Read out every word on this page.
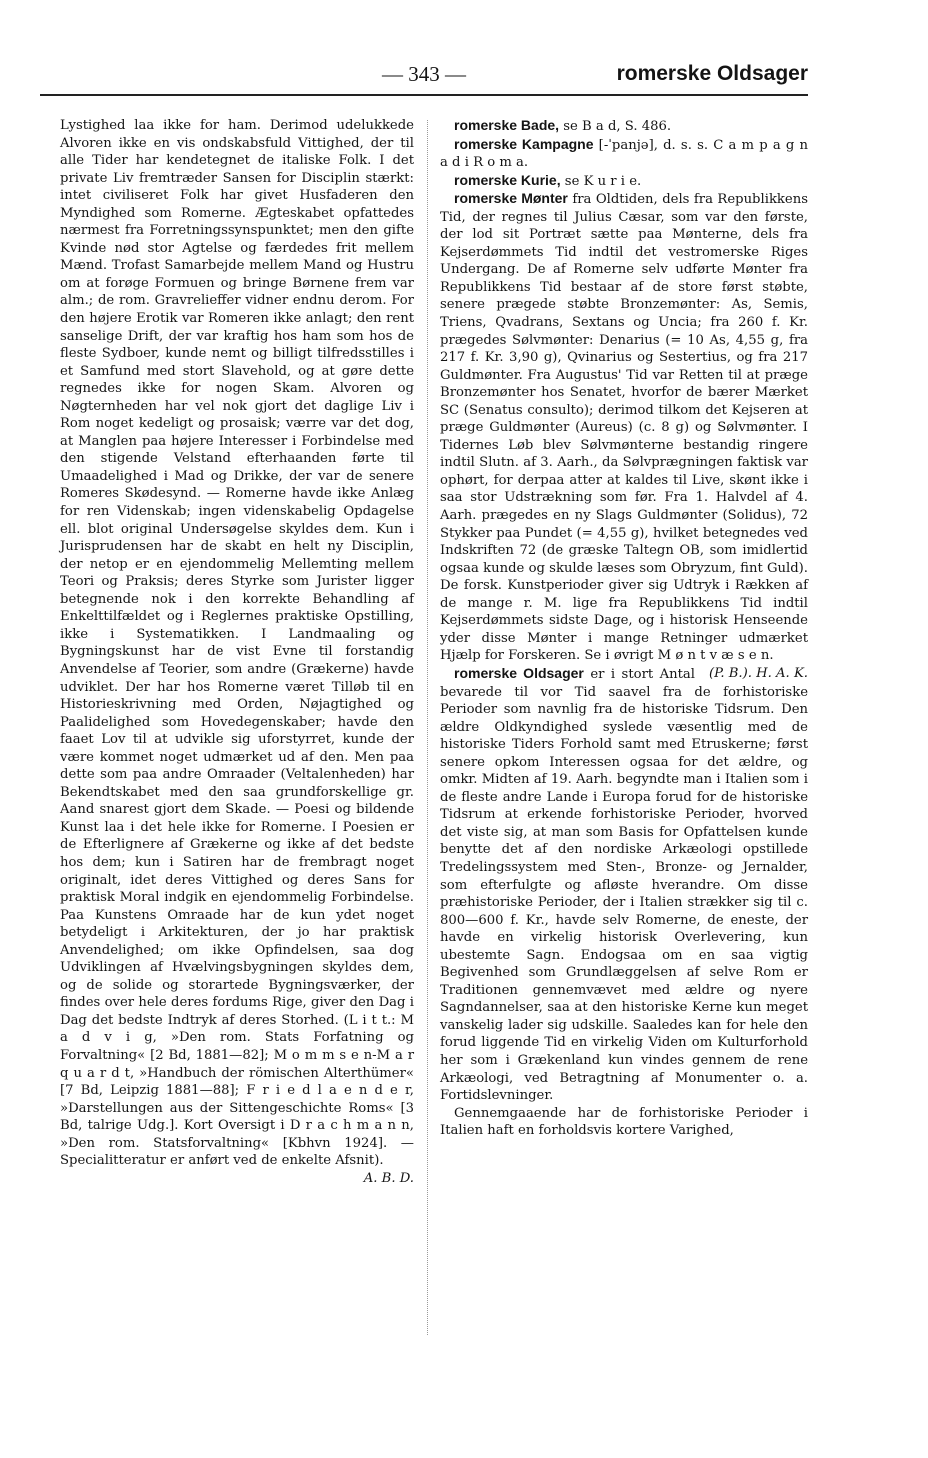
— 343 —	romerske Oldsager

Lystighed laa ikke for ham. Derimod udelukkede Alvoren ikke en vis ondskabsfuld Vittighed, der til alle Tider har kendetegnet de italiske Folk. I det private Liv fremtræder Sansen for Disciplin stærkt: intet civiliseret Folk har givet Husfaderen den Myndighed som Romerne. Ægteskabet opfattedes nærmest fra Forretningssynspunktet; men den gifte Kvinde nød stor Agtelse og færdedes frit mellem Mænd. Trofast Samarbejde mellem Mand og Hustru om at forøge Formuen og bringe Børnene frem var alm.; de rom. Gravrelieffer vidner endnu derom. For den højere Erotik var Romeren ikke anlagt; den rent sanselige Drift, der var kraftig hos ham som hos de fleste Sydboer, kunde nemt og billigt tilfredsstilles i et Samfund med stort Slavehold, og at gøre dette regnedes ikke for nogen Skam. Alvoren og Nøgternheden har vel nok gjort det daglige Liv i Rom noget kedeligt og prosaisk; værre var det dog, at Manglen paa højere Interesser i Forbindelse med den stigende Velstand efterhaanden førte til Umaadelighed i Mad og Drikke, der var de senere Romeres Skødesynd. — Romerne havde ikke Anlæg for ren Videnskab; ingen videnskabelig Opdagelse ell. blot original Undersøgelse skyldes dem. Kun i Jurisprudensen har de skabt en helt ny Disciplin, der netop er en ejendommelig Mellemting mellem Teori og Praksis; deres Styrke som Jurister ligger betegnende nok i den korrekte Behandling af Enkelttilfældet og i Reglernes praktiske Opstilling, ikke i Systematikken. I Landmaaling og Bygningskunst har de vist Evne til forstandig Anvendelse af Teorier, som andre (Grækerne) havde udviklet. Der har hos Romerne været Tilløb til en Historieskrivning med Orden, Nøjagtighed og Paalidelighed som Hovedegenskaber; havde den faaet Lov til at udvikle sig uforstyrret, kunde der være kommet noget udmærket ud af den. Men paa dette som paa andre Omraader (Veltalenheden) har Bekendtskabet med den saa grundforskellige gr. Aand snarest gjort dem Skade. — Poesi og bildende Kunst laa i det hele ikke for Romerne. I Poesien er de Efterlignere af Grækerne og ikke af det bedste hos dem; kun i Satiren har de frembragt noget originalt, idet deres Vittighed og deres Sans for praktisk Moral indgik en ejendommelig Forbindelse. Paa Kunstens Omraade har de kun ydet noget betydeligt i Arkitekturen, der jo har praktisk Anvendelighed; om ikke Opfindelsen, saa dog Udviklingen af Hvælvingsbygningen skyldes dem, og de solide og storartede Bygningsværker, der findes over hele deres fordums Rige, giver den Dag i Dag det bedste Indtryk af deres Storhed. (L i t t.: M a d v i g, »Den rom. Stats Forfatning og Forvaltning« [2 Bd, 1881—82]; M o m m s e n-M a r q u a r d t, »Handbuch der römischen Alterthümer« [7 Bd, Leipzig 1881—88]; F r i e d l a e n d e r, »Darstellungen aus der Sittengeschichte Roms« [3 Bd, talrige Udg.]. Kort Oversigt i D r a c h m a n n, »Den rom. Statsforvaltning« [Kbhvn 1924]. — Specialitteratur er anført ved de enkelte Afsnit).
A. B. D.

romerske Bade, se B a d, S. 486.

romerske Kampagne [-ˈpanjə], d. s. s. C a m p a g n a d i R o m a.

romerske Kurie, se K u r i e.

romerske Mønter fra Oldtiden, dels fra Republikkens Tid, der regnes til Julius Cæsar, som var den første, der lod sit Portræt sætte paa Mønterne, dels fra Kejserdømmets Tid indtil det vestromerske Riges Undergang. De af Romerne selv udførte Mønter fra Republikkens Tid bestaar af de store først støbte, senere prægede støbte Bronzemønter: As, Semis, Triens, Qvadrans, Sextans og Uncia; fra 260 f. Kr. prægedes Sølvmønter: Denarius (= 10 As, 4,55 g, fra 217 f. Kr. 3,90 g), Qvinarius og Sestertius, og fra 217 Guldmønter. Fra Augustus' Tid var Retten til at præge Bronzemønter hos Senatet, hvorfor de bærer Mærket SC (Senatus consulto); derimod tilkom det Kejseren at præge Guldmønter (Aureus) (c. 8 g) og Sølvmønter. I Tidernes Løb blev Sølvmønterne bestandig ringere indtil Slutn. af 3. Aarh., da Sølvprægningen faktisk var ophørt, for derpaa atter at kaldes til Live, skønt ikke i saa stor Udstrækning som før. Fra 1. Halvdel af 4. Aarh. prægedes en ny Slags Guldmønter (Solidus), 72 Stykker paa Pundet (= 4,55 g), hvilket betegnedes ved Indskriften 72 (de græske Taltegn OB, som imidlertid ogsaa kunde og skulde læses som Obryzum, fint Guld). De forsk. Kunstperioder giver sig Udtryk i Rækken af de mange r. M. lige fra Republikkens Tid indtil Kejserdømmets sidste Dage, og i historisk Henseende yder disse Mønter i mange Retninger udmærket Hjælp for Forskeren. Se i øvrigt M ø n t v æ s e n.
(P. B.). H. A. K.

romerske Oldsager er i stort Antal bevarede til vor Tid saavel fra de forhistoriske Perioder som navnlig fra de historiske Tidsrum. Den ældre Oldkyndighed syslede væsentlig med de historiske Tiders Forhold samt med Etruskerne; først senere opkom Interessen ogsaa for det ældre, og omkr. Midten af 19. Aarh. begyndte man i Italien som i de fleste andre Lande i Europa forud for de historiske Tidsrum at erkende forhistoriske Perioder, hvorved det viste sig, at man som Basis for Opfattelsen kunde benytte det af den nordiske Arkæologi opstillede Tredelingssystem med Sten-, Bronze- og Jernalder, som efterfulgte og afløste hverandre. Om disse præhistoriske Perioder, der i Italien strækker sig til c. 800—600 f. Kr., havde selv Romerne, de eneste, der havde en virkelig historisk Overlevering, kun ubestemte Sagn. Endogsaa om en saa vigtig Begivenhed som Grundlæggelsen af selve Rom er Traditionen gennemvævet med ældre og nyere Sagndannelser, saa at den historiske Kerne kun meget vanskelig lader sig udskille. Saaledes kan for hele den forud liggende Tid en virkelig Viden om Kulturforhold her som i Grækenland kun vindes gennem de rene Arkæologi, ved Betragtning af Monumenter o. a. Fortidslevninger.

Gennemgaaende har de forhistoriske Perioder i Italien haft en forholdsvis kortere Varighed,
